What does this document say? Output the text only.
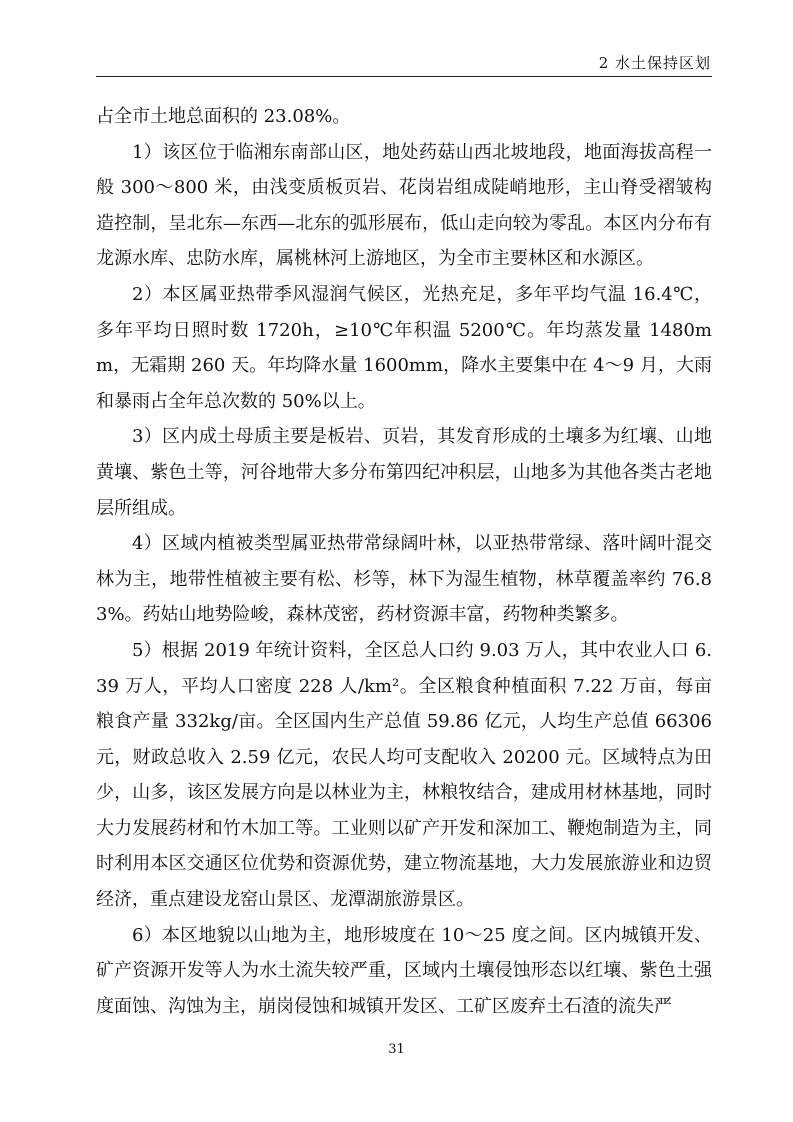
2 水土保持区划

占全市土地总面积的 23.08%。

1）该区位于临湘东南部山区，地处药菇山西北坡地段，地面海拔高程一般 300～800 米，由浅变质板页岩、花岗岩组成陡峭地形，主山脊受褶皱构造控制，呈北东—东西—北东的弧形展布，低山走向较为零乱。本区内分布有龙源水库、忠防水库，属桃林河上游地区，为全市主要林区和水源区。

2）本区属亚热带季风湿润气候区，光热充足，多年平均气温 16.4℃，多年平均日照时数 1720h，≥10℃年积温 5200℃。年均蒸发量 1480mm，无霜期 260 天。年均降水量 1600mm，降水主要集中在 4～9 月，大雨和暴雨占全年总次数的 50%以上。

3）区内成土母质主要是板岩、页岩，其发育形成的土壤多为红壤、山地黄壤、紫色土等，河谷地带大多分布第四纪冲积层，山地多为其他各类古老地层所组成。

4）区域内植被类型属亚热带常绿阔叶林，以亚热带常绿、落叶阔叶混交林为主，地带性植被主要有松、杉等，林下为湿生植物，林草覆盖率约 76.83%。药姑山地势险峻，森林茂密，药材资源丰富，药物种类繁多。

5）根据 2019 年统计资料，全区总人口约 9.03 万人，其中农业人口 6.39 万人，平均人口密度 228 人/km²。全区粮食种植面积 7.22 万亩，每亩粮食产量 332kg/亩。全区国内生产总值 59.86 亿元，人均生产总值 66306 元，财政总收入 2.59 亿元，农民人均可支配收入 20200 元。区域特点为田少，山多，该区发展方向是以林业为主，林粮牧结合，建成用材林基地，同时大力发展药材和竹木加工等。工业则以矿产开发和深加工、鞭炮制造为主，同时利用本区交通区位优势和资源优势，建立物流基地，大力发展旅游业和边贸经济，重点建设龙窑山景区、龙潭湖旅游景区。

6）本区地貌以山地为主，地形坡度在 10～25 度之间。区内城镇开发、矿产资源开发等人为水土流失较严重，区域内土壤侵蚀形态以红壤、紫色土强度面蚀、沟蚀为主，崩岗侵蚀和城镇开发区、工矿区废弃土石渣的流失严

31
